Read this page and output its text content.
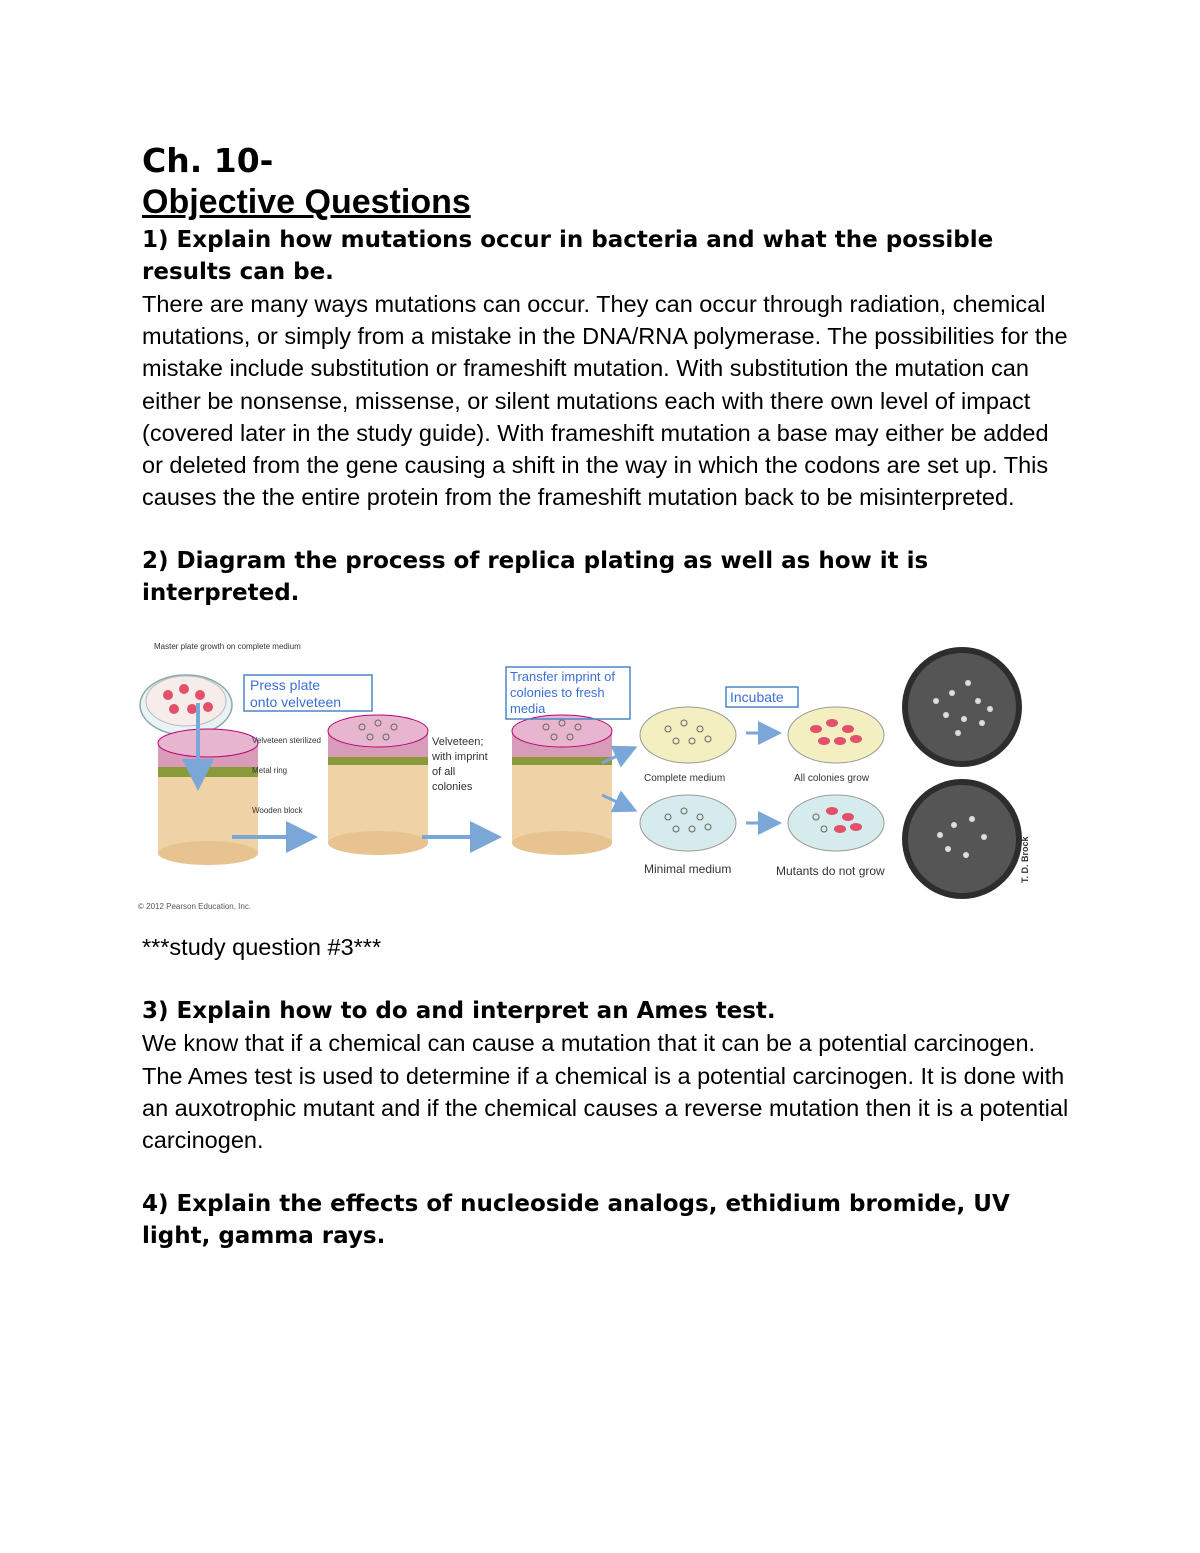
Ch. 10-
Objective Questions

1) Explain how mutations occur in bacteria and what the possible results can be.

There are many ways mutations can occur. They can occur through radiation, chemical mutations, or simply from a mistake in the DNA/RNA polymerase. The possibilities for the mistake include substitution or frameshift mutation. With substitution the mutation can either be nonsense, missense, or silent mutations each with there own level of impact (covered later in the study guide). With frameshift mutation a base may either be added or deleted from the gene causing a shift in the way in which the codons are set up. This causes the the entire protein from the frameshift mutation back to be misinterpreted.

2) Diagram the process of replica plating as well as how it is interpreted.

Master plate growth on complete medium
Velveteen sterilized
Metal ring
Wooden block
Press plate
onto velveteen
Velveteen;
with imprint
of all
colonies
Transfer imprint of
colonies to fresh
media
Complete medium
Minimal medium
Incubate
All colonies grow
Mutants do not grow	T. D. Brock
© 2012 Pearson Education, Inc.

***study question #3***

3) Explain how to do and interpret an Ames test.

We know that if a chemical can cause a mutation that it can be a potential carcinogen. The Ames test is used to determine if a chemical is a potential carcinogen. It is done with an auxotrophic mutant and if the chemical causes a reverse mutation then it is a potential carcinogen.

4) Explain the effects of nucleoside analogs, ethidium bromide, UV light, gamma rays.
